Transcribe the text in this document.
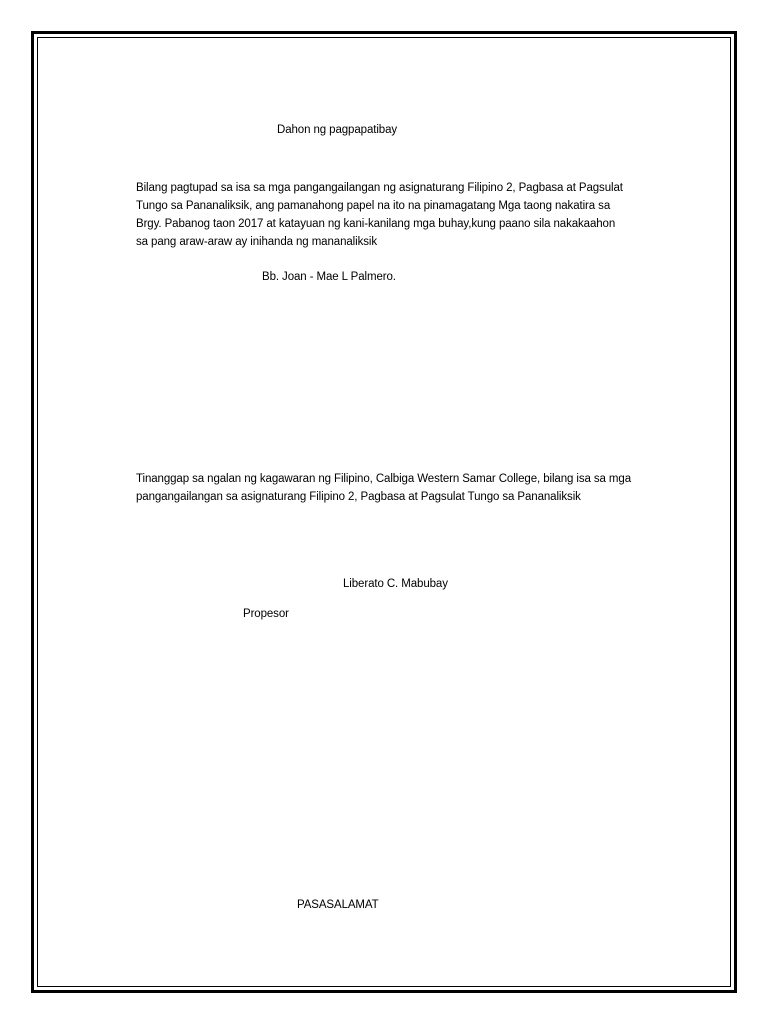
Dahon ng pagpapatibay
Bilang pagtupad sa isa sa mga pangangailangan ng asignaturang Filipino 2, Pagbasa at Pagsulat
Tungo sa Pananaliksik, ang pamanahong papel na ito na pinamagatang Mga taong nakatira sa
Brgy. Pabanog taon 2017 at katayuan ng kani-kanilang mga buhay,kung paano sila nakakaahon
sa pang araw-araw ay inihanda ng mananaliksik
Bb. Joan - Mae L Palmero.
Tinanggap sa ngalan ng kagawaran ng Filipino, Calbiga Western Samar College, bilang isa sa mga
pangangailangan sa asignaturang Filipino 2, Pagbasa at Pagsulat Tungo sa Pananaliksik
Liberato C. Mabubay
Propesor
PASASALAMAT
